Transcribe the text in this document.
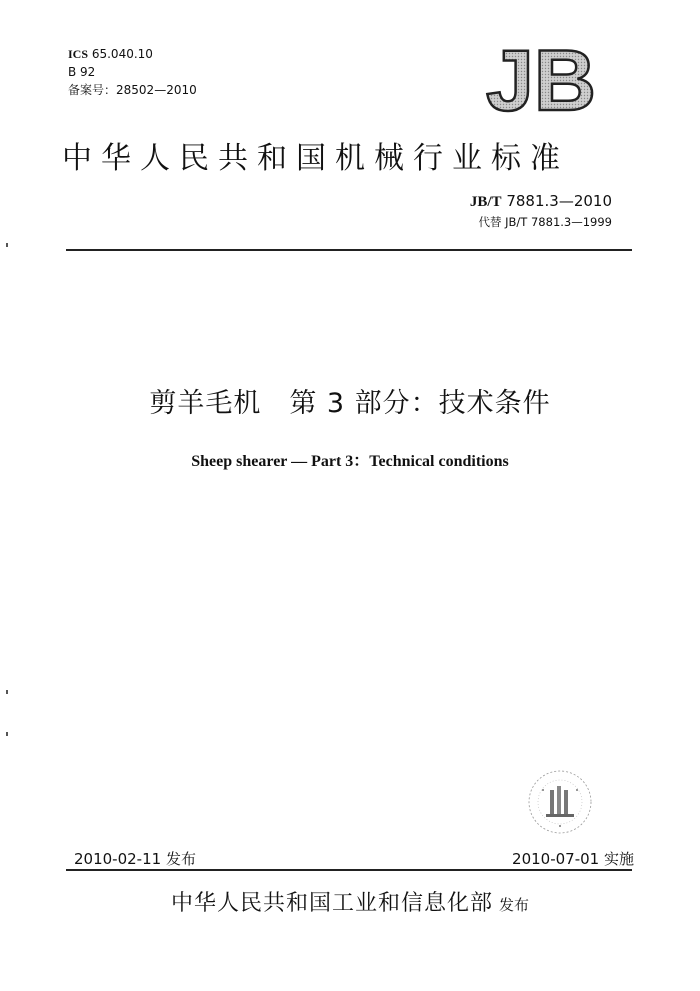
ICS 65.040.10
B 92
备案号：28502—2010	JB
中华人民共和国机械行业标准
JB/T 7881.3—2010
代替 JB/T 7881.3—1999
剪羊毛机　第 3 部分：技术条件
Sheep shearer — Part 3：Technical conditions
2010-02-11 发布	2010-07-01 实施
中华人民共和国工业和信息化部 发布
